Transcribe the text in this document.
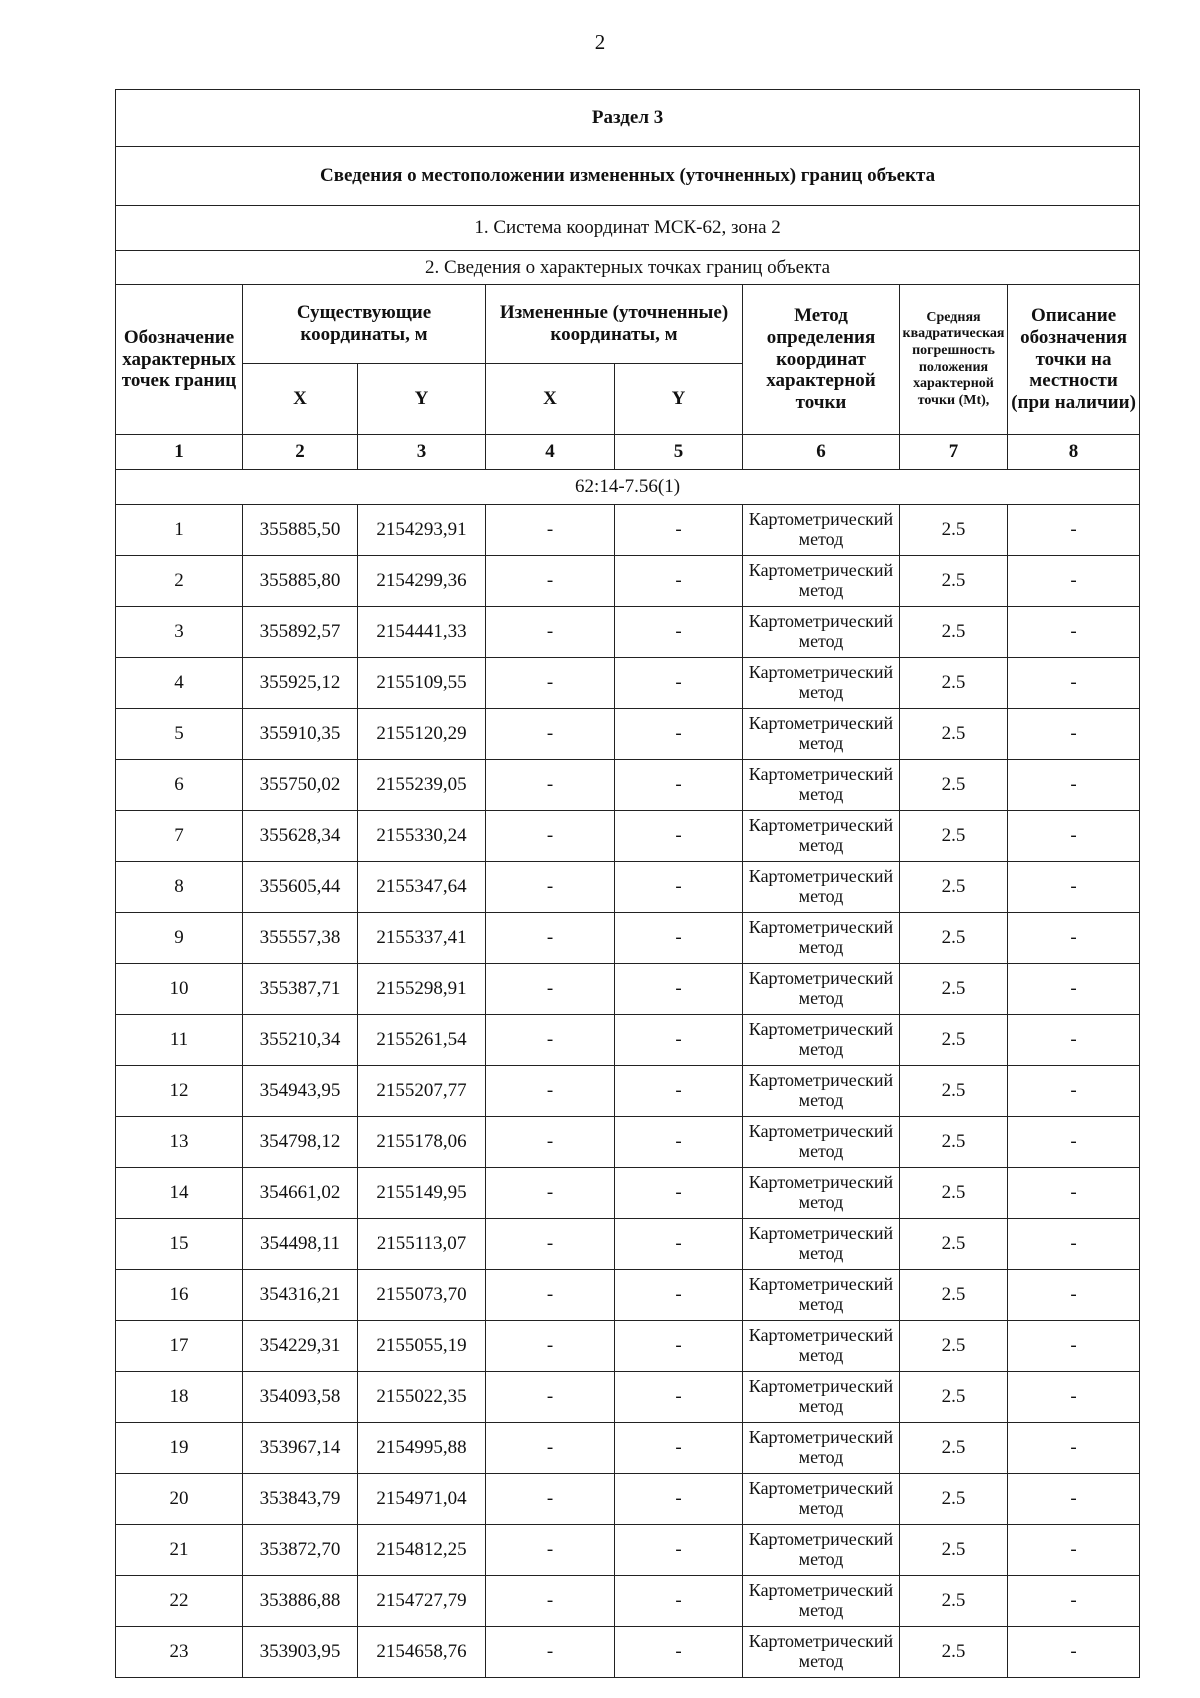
2
Раздел 3							
Сведения о местоположении измененных (уточненных) границ объекта							
1. Система координат МСК-62, зона 2							
2. Сведения о характерных точках границ объекта							
Обозначение характерных точек границ	Существующие координаты, м		Измененные (уточненные) координаты, м		Метод определения координат характерной точки	Средняя квадратическая погрешность положения характерной точки (Mt),	Описание обозначения точки на местности (при наличии)
	X	Y	X	Y			
1	2	3	4	5	6	7	8
62:14-7.56(1)							
1	355885,50	2154293,91	-	-	Картометрический метод	2.5	-
2	355885,80	2154299,36	-	-	Картометрический метод	2.5	-
3	355892,57	2154441,33	-	-	Картометрический метод	2.5	-
4	355925,12	2155109,55	-	-	Картометрический метод	2.5	-
5	355910,35	2155120,29	-	-	Картометрический метод	2.5	-
6	355750,02	2155239,05	-	-	Картометрический метод	2.5	-
7	355628,34	2155330,24	-	-	Картометрический метод	2.5	-
8	355605,44	2155347,64	-	-	Картометрический метод	2.5	-
9	355557,38	2155337,41	-	-	Картометрический метод	2.5	-
10	355387,71	2155298,91	-	-	Картометрический метод	2.5	-
11	355210,34	2155261,54	-	-	Картометрический метод	2.5	-
12	354943,95	2155207,77	-	-	Картометрический метод	2.5	-
13	354798,12	2155178,06	-	-	Картометрический метод	2.5	-
14	354661,02	2155149,95	-	-	Картометрический метод	2.5	-
15	354498,11	2155113,07	-	-	Картометрический метод	2.5	-
16	354316,21	2155073,70	-	-	Картометрический метод	2.5	-
17	354229,31	2155055,19	-	-	Картометрический метод	2.5	-
18	354093,58	2155022,35	-	-	Картометрический метод	2.5	-
19	353967,14	2154995,88	-	-	Картометрический метод	2.5	-
20	353843,79	2154971,04	-	-	Картометрический метод	2.5	-
21	353872,70	2154812,25	-	-	Картометрический метод	2.5	-
22	353886,88	2154727,79	-	-	Картометрический метод	2.5	-
23	353903,95	2154658,76	-	-	Картометрический метод	2.5	-
